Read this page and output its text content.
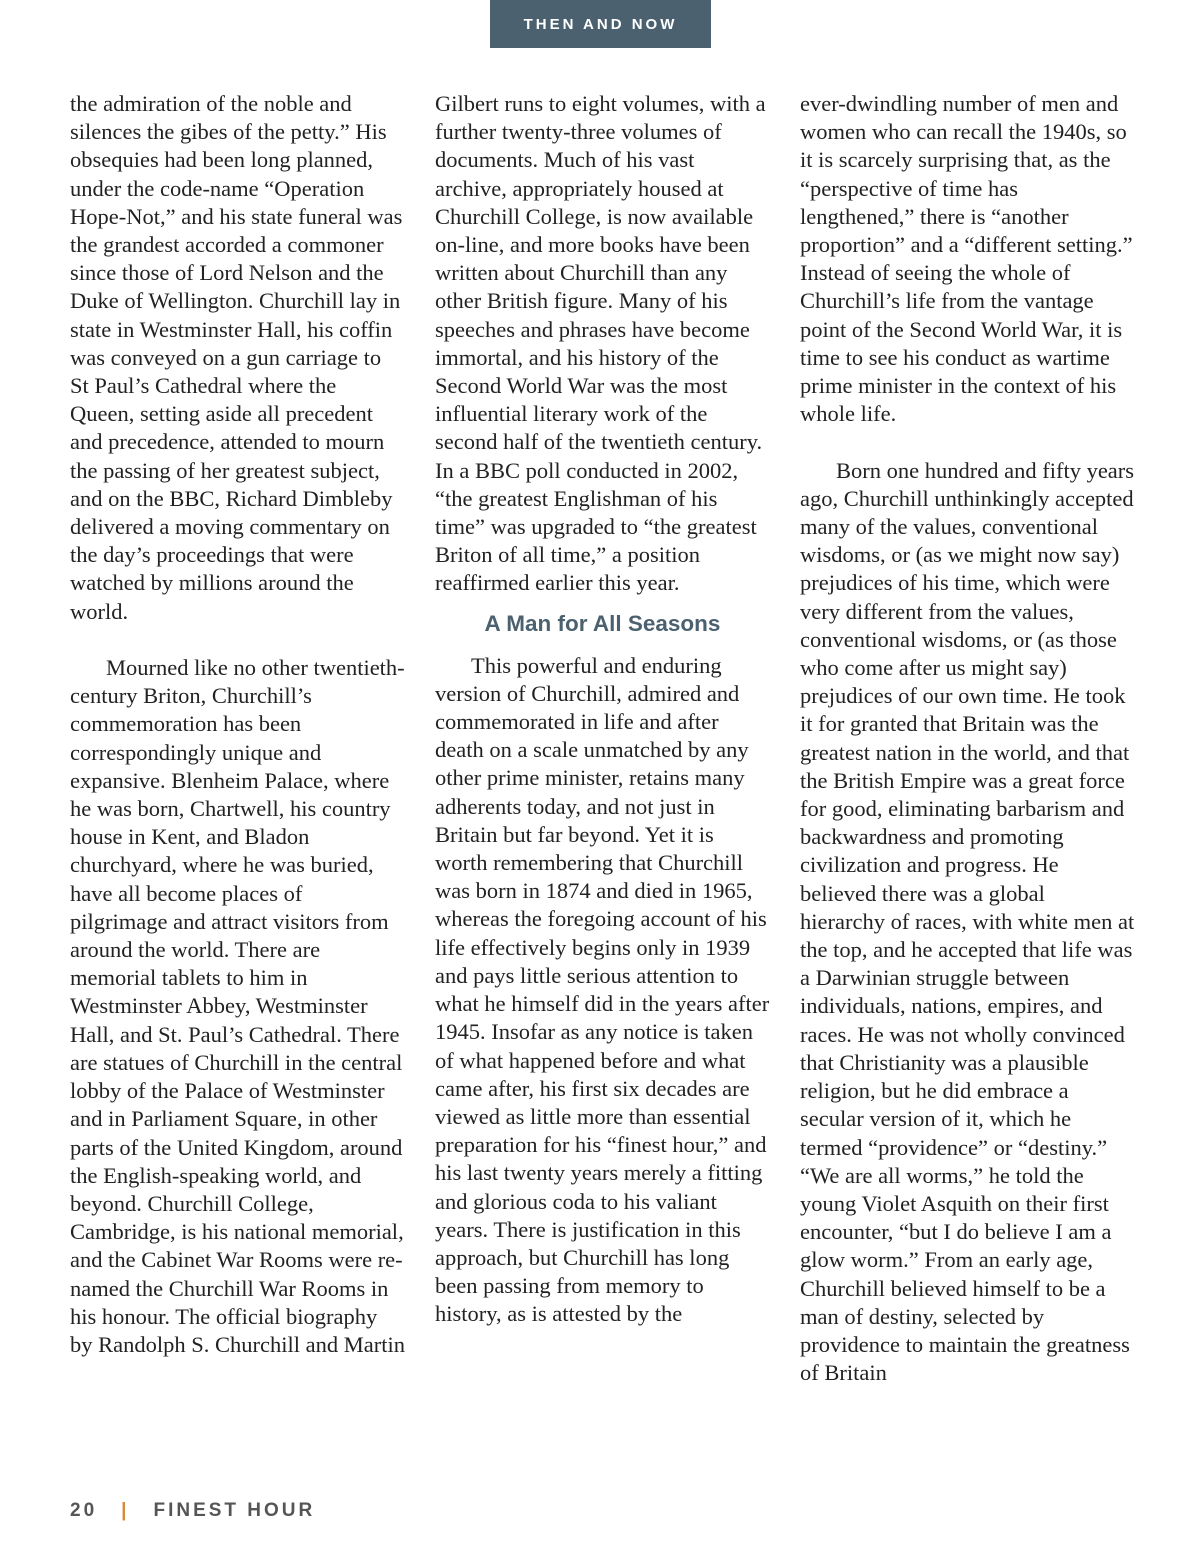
THEN AND NOW

the admiration of the noble and silences the gibes of the petty.” His obsequies had been long planned, under the code-name “Operation Hope-Not,” and his state funeral was the grandest accorded a commoner since those of Lord Nelson and the Duke of Wellington. Churchill lay in state in Westminster Hall, his coffin was conveyed on a gun carriage to St Paul’s Cathedral where the Queen, setting aside all precedent and precedence, attended to mourn the passing of her greatest subject, and on the BBC, Richard Dimbleby delivered a moving commentary on the day’s proceedings that were watched by millions around the world.

Mourned like no other twentieth-century Briton, Churchill’s commemoration has been correspondingly unique and expansive. Blenheim Palace, where he was born, Chartwell, his country house in Kent, and Bladon churchyard, where he was buried, have all become places of pilgrimage and attract visitors from around the world. There are memorial tablets to him in Westminster Abbey, Westminster Hall, and St. Paul’s Cathedral. There are statues of Churchill in the central lobby of the Palace of Westminster and in Parliament Square, in other parts of the United Kingdom, around the English-speaking world, and beyond. Churchill College, Cambridge, is his national memorial, and the Cabinet War Rooms were re-named the Churchill War Rooms in his honour. The official biography by Randolph S. Churchill and Martin

Gilbert runs to eight volumes, with a further twenty-three volumes of documents. Much of his vast archive, appropriately housed at Churchill College, is now available on-line, and more books have been written about Churchill than any other British figure. Many of his speeches and phrases have become immortal, and his history of the Second World War was the most influential literary work of the second half of the twentieth century. In a BBC poll conducted in 2002, “the greatest Englishman of his time” was upgraded to “the greatest Briton of all time,” a position reaffirmed earlier this year.

A Man for All Seasons

This powerful and enduring version of Churchill, admired and commemorated in life and after death on a scale unmatched by any other prime minister, retains many adherents today, and not just in Britain but far beyond. Yet it is worth remembering that Churchill was born in 1874 and died in 1965, whereas the foregoing account of his life effectively begins only in 1939 and pays little serious attention to what he himself did in the years after 1945. Insofar as any notice is taken of what happened before and what came after, his first six decades are viewed as little more than essential preparation for his “finest hour,” and his last twenty years merely a fitting and glorious coda to his valiant years. There is justification in this approach, but Churchill has long been passing from memory to history, as is attested by the

ever-dwindling number of men and women who can recall the 1940s, so it is scarcely surprising that, as the “perspective of time has lengthened,” there is “another proportion” and a “different setting.” Instead of seeing the whole of Churchill’s life from the vantage point of the Second World War, it is time to see his conduct as wartime prime minister in the context of his whole life.

Born one hundred and fifty years ago, Churchill unthinkingly accepted many of the values, conventional wisdoms, or (as we might now say) prejudices of his time, which were very different from the values, conventional wisdoms, or (as those who come after us might say) prejudices of our own time. He took it for granted that Britain was the greatest nation in the world, and that the British Empire was a great force for good, eliminating barbarism and backwardness and promoting civilization and progress. He believed there was a global hierarchy of races, with white men at the top, and he accepted that life was a Darwinian struggle between individuals, nations, empires, and races. He was not wholly convinced that Christianity was a plausible religion, but he did embrace a secular version of it, which he termed “providence” or “destiny.” “We are all worms,” he told the young Violet Asquith on their first encounter, “but I do believe I am a glow worm.” From an early age, Churchill believed himself to be a man of destiny, selected by providence to maintain the greatness of Britain

20 | FINEST HOUR
